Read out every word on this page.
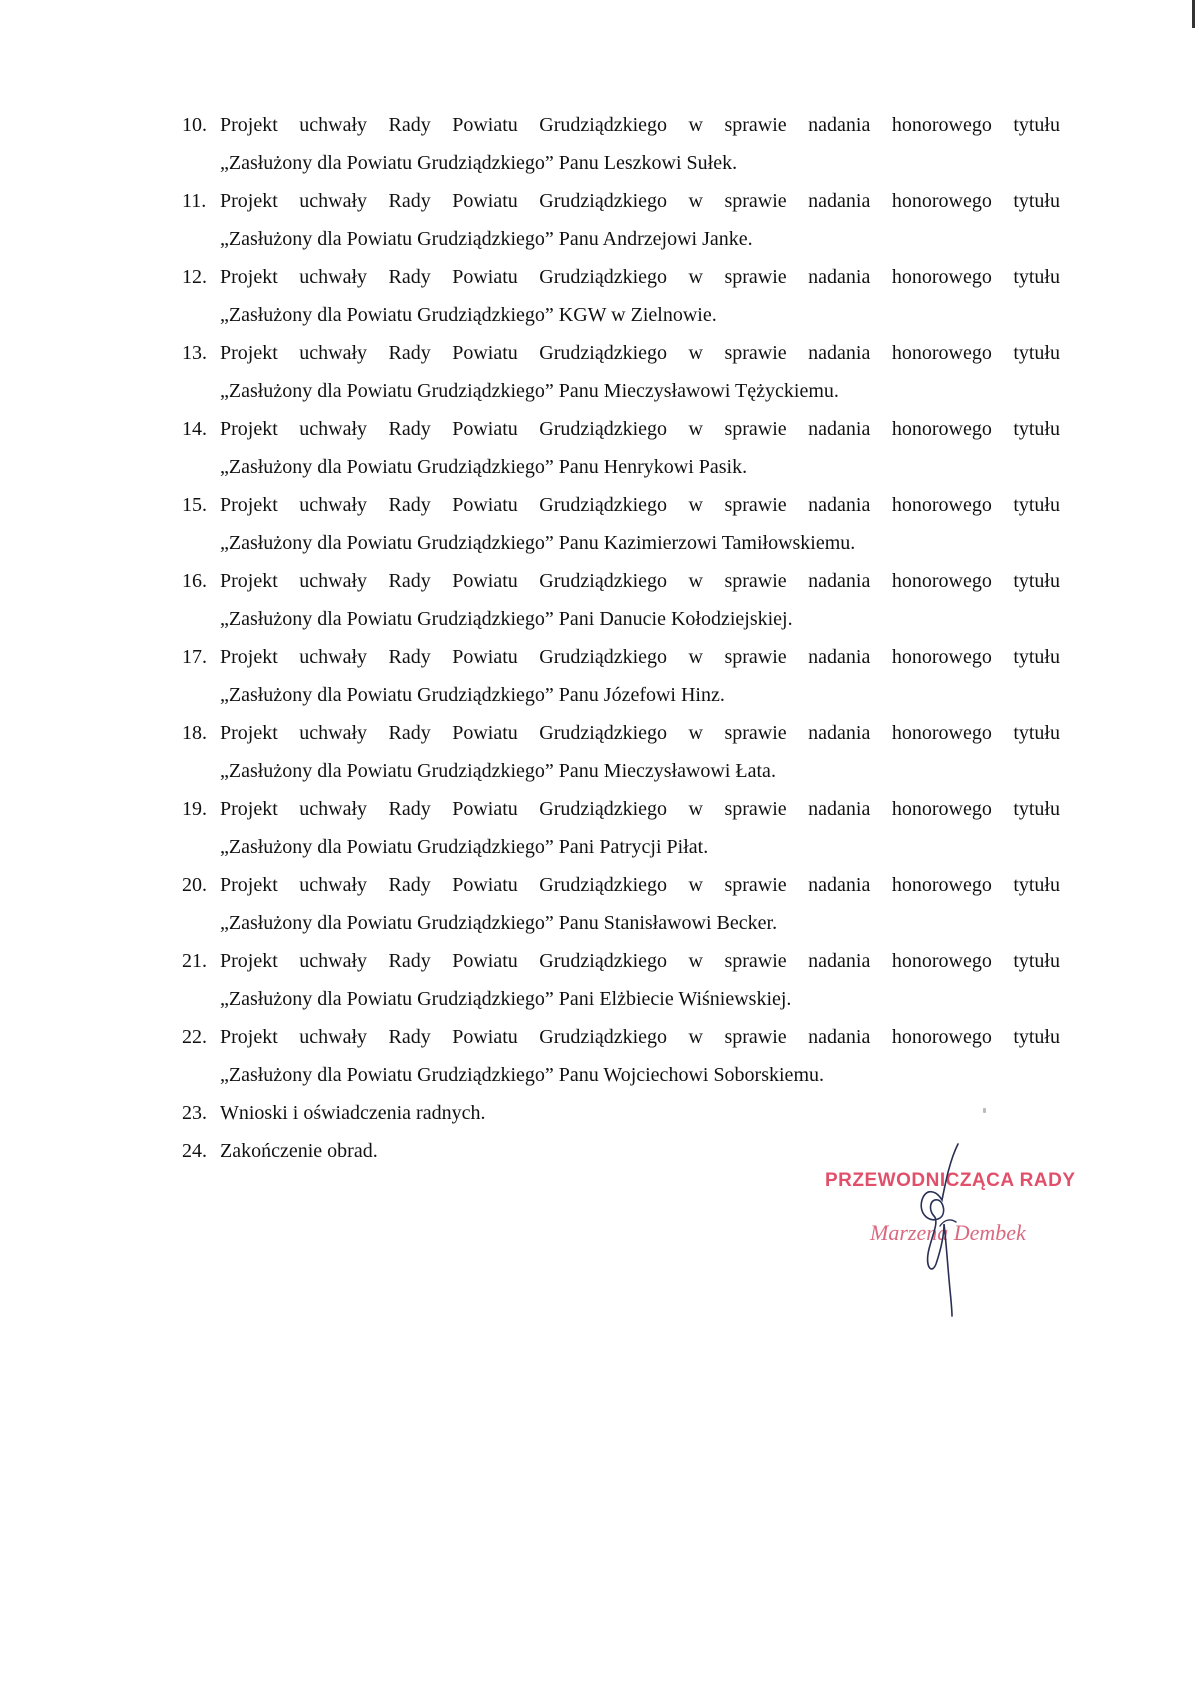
10. Projekt uchwały Rady Powiatu Grudziądzkiego w sprawie nadania honorowego tytułu
„Zasłużony dla Powiatu Grudziądzkiego” Panu Leszkowi Sułek.
11. Projekt uchwały Rady Powiatu Grudziądzkiego w sprawie nadania honorowego tytułu
„Zasłużony dla Powiatu Grudziądzkiego” Panu Andrzejowi Janke.
12. Projekt uchwały Rady Powiatu Grudziądzkiego w sprawie nadania honorowego tytułu
„Zasłużony dla Powiatu Grudziądzkiego” KGW w Zielnowie.
13. Projekt uchwały Rady Powiatu Grudziądzkiego w sprawie nadania honorowego tytułu
„Zasłużony dla Powiatu Grudziądzkiego” Panu Mieczysławowi Tężyckiemu.
14. Projekt uchwały Rady Powiatu Grudziądzkiego w sprawie nadania honorowego tytułu
„Zasłużony dla Powiatu Grudziądzkiego” Panu Henrykowi Pasik.
15. Projekt uchwały Rady Powiatu Grudziądzkiego w sprawie nadania honorowego tytułu
„Zasłużony dla Powiatu Grudziądzkiego” Panu Kazimierzowi Tamiłowskiemu.
16. Projekt uchwały Rady Powiatu Grudziądzkiego w sprawie nadania honorowego tytułu
„Zasłużony dla Powiatu Grudziądzkiego” Pani Danucie Kołodziejskiej.
17. Projekt uchwały Rady Powiatu Grudziądzkiego w sprawie nadania honorowego tytułu
„Zasłużony dla Powiatu Grudziądzkiego” Panu Józefowi Hinz.
18. Projekt uchwały Rady Powiatu Grudziądzkiego w sprawie nadania honorowego tytułu
„Zasłużony dla Powiatu Grudziądzkiego” Panu Mieczysławowi Łata.
19. Projekt uchwały Rady Powiatu Grudziądzkiego w sprawie nadania honorowego tytułu
„Zasłużony dla Powiatu Grudziądzkiego” Pani Patrycji Piłat.
20. Projekt uchwały Rady Powiatu Grudziądzkiego w sprawie nadania honorowego tytułu
„Zasłużony dla Powiatu Grudziądzkiego” Panu Stanisławowi Becker.
21. Projekt uchwały Rady Powiatu Grudziądzkiego w sprawie nadania honorowego tytułu
„Zasłużony dla Powiatu Grudziądzkiego” Pani Elżbiecie Wiśniewskiej.
22. Projekt uchwały Rady Powiatu Grudziądzkiego w sprawie nadania honorowego tytułu
„Zasłużony dla Powiatu Grudziądzkiego” Panu Wojciechowi Soborskiemu.
23. Wnioski i oświadczenia radnych.
24. Zakończenie obrad.
PRZEWODNICZĄCA RADY
Marzena Dembek
